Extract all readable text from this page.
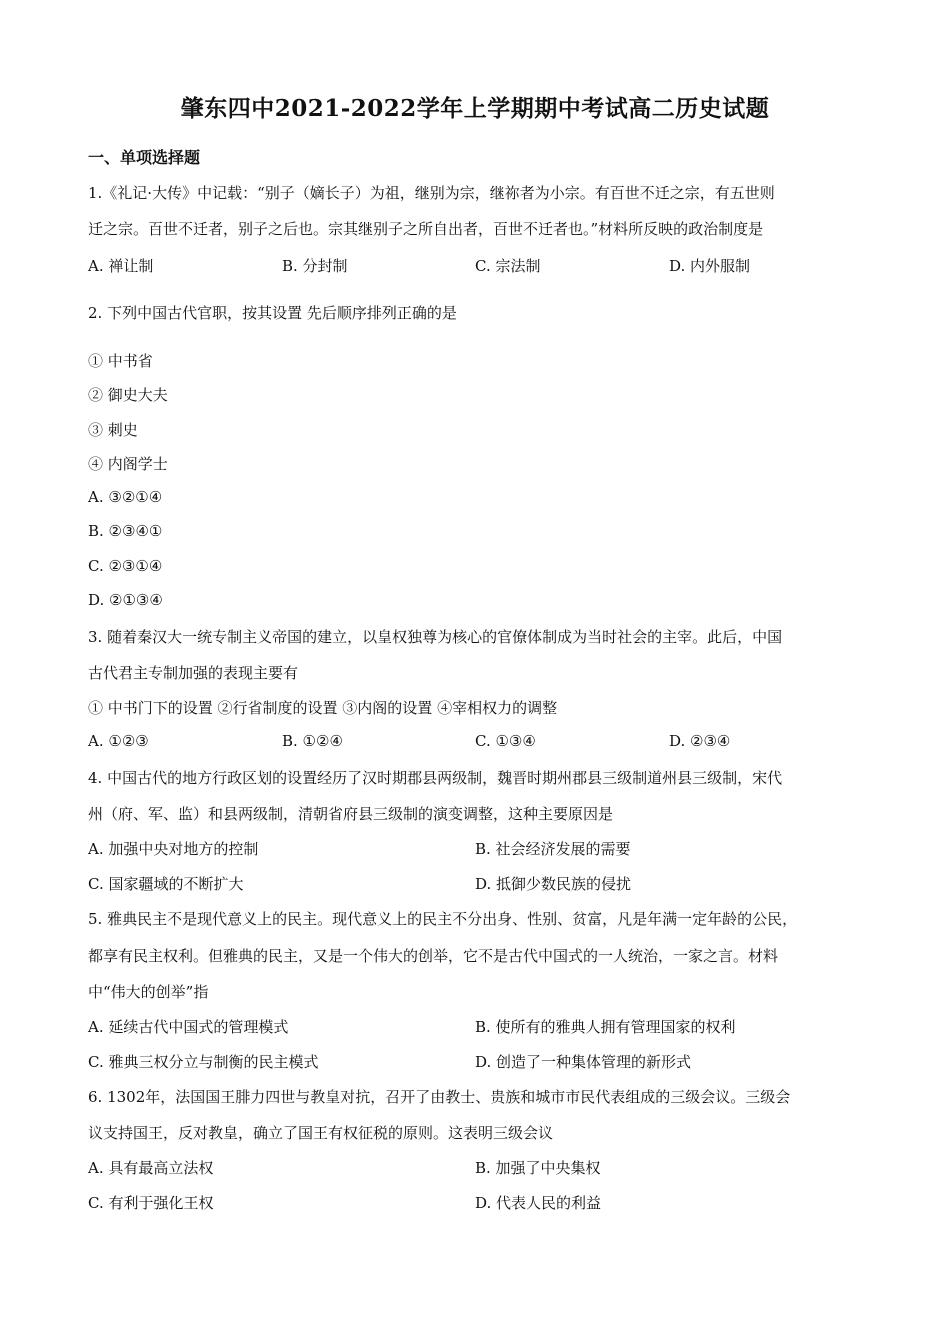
肇东四中2021-2022学年上学期期中考试高二历史试题
一、单项选择题
1.《礼记·大传》中记载：“别子（嫡长子）为祖，继别为宗，继祢者为小宗。有百世不迁之宗，有五世则
迁之宗。百世不迁者，别子之后也。宗其继别子之所自出者，百世不迁者也。”材料所反映的政治制度是
A. 禅让制	B. 分封制	C. 宗法制	D. 内外服制
2. 下列中国古代官职，按其设置 先后顺序排列正确的是
① 中书省
② 御史大夫
③ 刺史
④ 内阁学士
A. ③②①④
B. ②③④①
C. ②③①④
D. ②①③④
3. 随着秦汉大一统专制主义帝国的建立，以皇权独尊为核心的官僚体制成为当时社会的主宰。此后，中国
古代君主专制加强的表现主要有
① 中书门下的设置 ②行省制度的设置 ③内阁的设置 ④宰相权力的调整
A. ①②③	B. ①②④	C. ①③④	D. ②③④
4. 中国古代的地方行政区划的设置经历了汉时期郡县两级制，魏晋时期州郡县三级制道州县三级制，宋代
州（府、军、监）和县两级制，清朝省府县三级制的演变调整，这种主要原因是
A. 加强中央对地方的控制	B. 社会经济发展的需要
C. 国家疆域的不断扩大	D. 抵御少数民族的侵扰
5. 雅典民主不是现代意义上的民主。现代意义上的民主不分出身、性别、贫富，凡是年满一定年龄的公民，
都享有民主权利。但雅典的民主，又是一个伟大的创举，它不是古代中国式的一人统治，一家之言。材料
中“伟大的创举”指
A. 延续古代中国式的管理模式	B. 使所有的雅典人拥有管理国家的权利
C. 雅典三权分立与制衡的民主模式	D. 创造了一种集体管理的新形式
6. 1302年，法国国王腓力四世与教皇对抗，召开了由教士、贵族和城市市民代表组成的三级会议。三级会
议支持国王，反对教皇，确立了国王有权征税的原则。这表明三级会议
A. 具有最高立法权	B. 加强了中央集权
C. 有利于强化王权	D. 代表人民的利益
